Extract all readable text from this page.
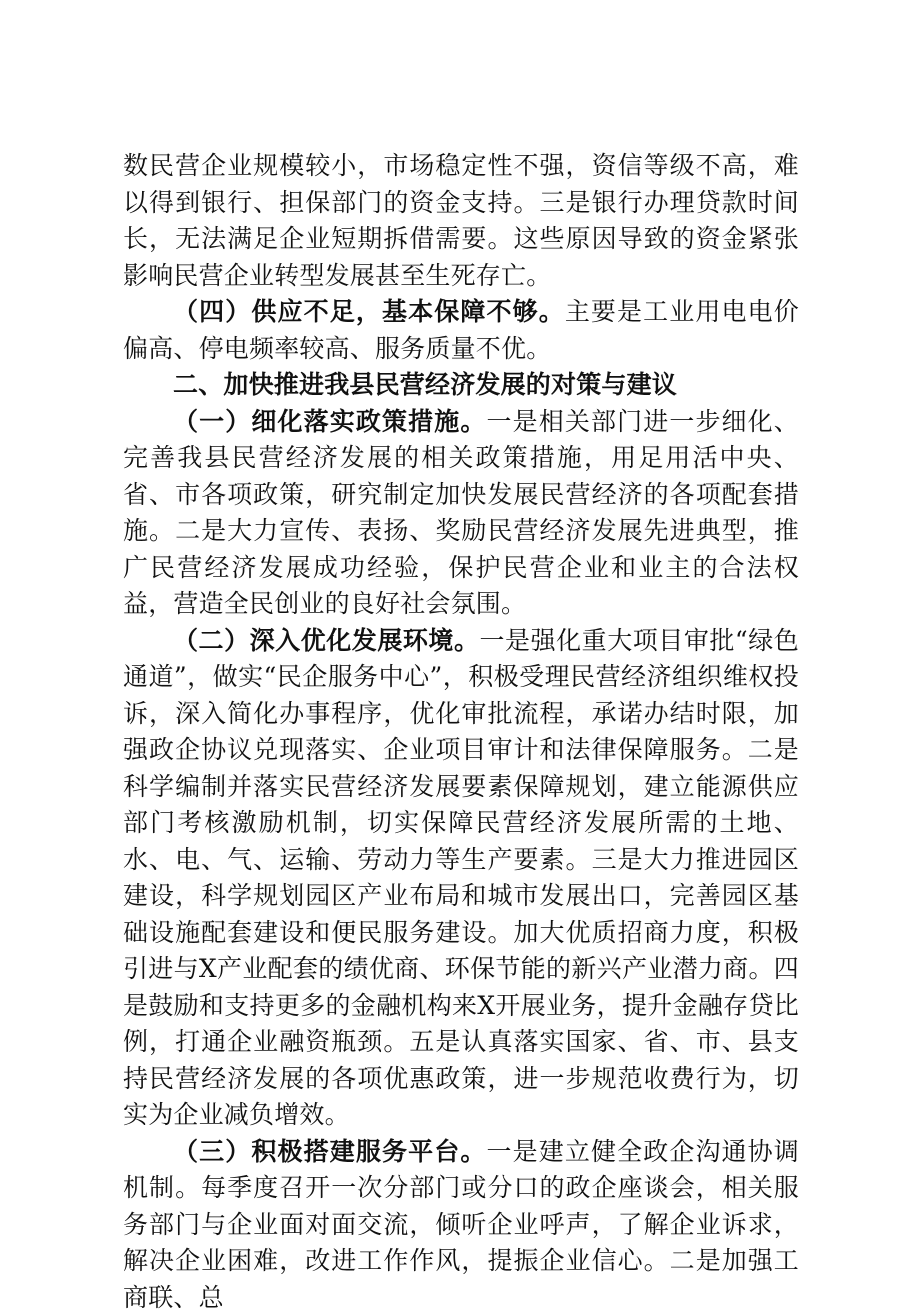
数民营企业规模较小，市场稳定性不强，资信等级不高，难以得到银行、担保部门的资金支持。三是银行办理贷款时间长，无法满足企业短期拆借需要。这些原因导致的资金紧张影响民营企业转型发展甚至生死存亡。

（四）供应不足，基本保障不够。主要是工业用电电价偏高、停电频率较高、服务质量不优。

二、加快推进我县民营经济发展的对策与建议

（一）细化落实政策措施。一是相关部门进一步细化、完善我县民营经济发展的相关政策措施，用足用活中央、省、市各项政策，研究制定加快发展民营经济的各项配套措施。二是大力宣传、表扬、奖励民营经济发展先进典型，推广民营经济发展成功经验，保护民营企业和业主的合法权益，营造全民创业的良好社会氛围。

（二）深入优化发展环境。一是强化重大项目审批“绿色通道”，做实“民企服务中心”，积极受理民营经济组织维权投诉，深入简化办事程序，优化审批流程，承诺办结时限，加强政企协议兑现落实、企业项目审计和法律保障服务。二是科学编制并落实民营经济发展要素保障规划，建立能源供应部门考核激励机制，切实保障民营经济发展所需的土地、水、电、气、运输、劳动力等生产要素。三是大力推进园区建设，科学规划园区产业布局和城市发展出口，完善园区基础设施配套建设和便民服务建设。加大优质招商力度，积极引进与X产业配套的绩优商、环保节能的新兴产业潜力商。四是鼓励和支持更多的金融机构来X开展业务，提升金融存贷比例，打通企业融资瓶颈。五是认真落实国家、省、市、县支持民营经济发展的各项优惠政策，进一步规范收费行为，切实为企业减负增效。

（三）积极搭建服务平台。一是建立健全政企沟通协调机制。每季度召开一次分部门或分口的政企座谈会，相关服务部门与企业面对面交流，倾听企业呼声，了解企业诉求，解决企业困难，改进工作作风，提振企业信心。二是加强工商联、总
